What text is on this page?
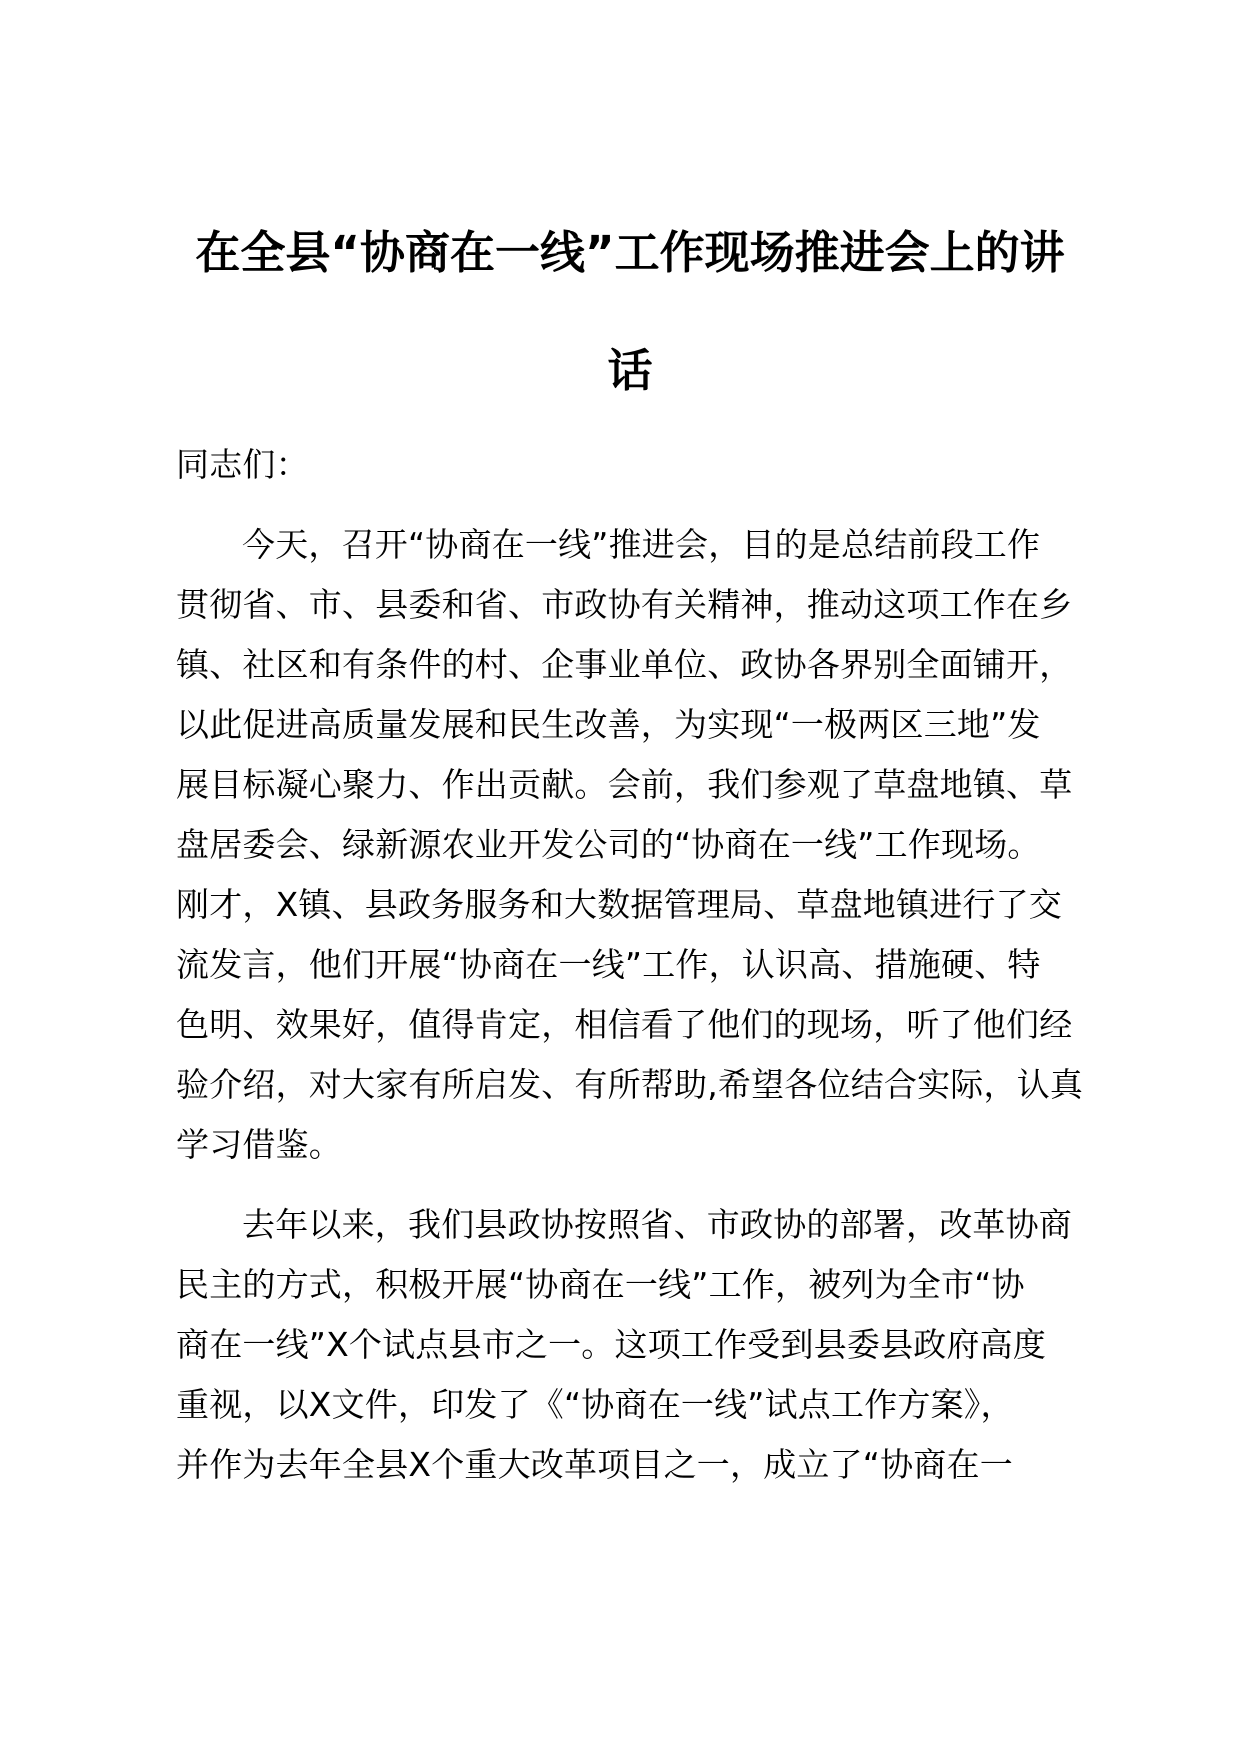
在全县“协商在一线”工作现场推进会上的讲
话
同志们：
今天，召开“协商在一线”推进会，目的是总结前段工作
贯彻省、市、县委和省、市政协有关精神，推动这项工作在乡
镇、社区和有条件的村、企事业单位、政协各界别全面铺开，
以此促进高质量发展和民生改善，为实现“一极两区三地”发
展目标凝心聚力、作出贡献。会前，我们参观了草盘地镇、草
盘居委会、绿新源农业开发公司的“协商在一线”工作现场。
刚才，X镇、县政务服务和大数据管理局、草盘地镇进行了交
流发言，他们开展“协商在一线”工作，认识高、措施硬、特
色明、效果好，值得肯定，相信看了他们的现场，听了他们经
验介绍，对大家有所启发、有所帮助,希望各位结合实际，认真
学习借鉴。
去年以来，我们县政协按照省、市政协的部署，改革协商
民主的方式，积极开展“协商在一线”工作，被列为全市“协
商在一线”X个试点县市之一。这项工作受到县委县政府高度
重视，以X文件，印发了《“协商在一线”试点工作方案》，
并作为去年全县X个重大改革项目之一，成立了“协商在一
